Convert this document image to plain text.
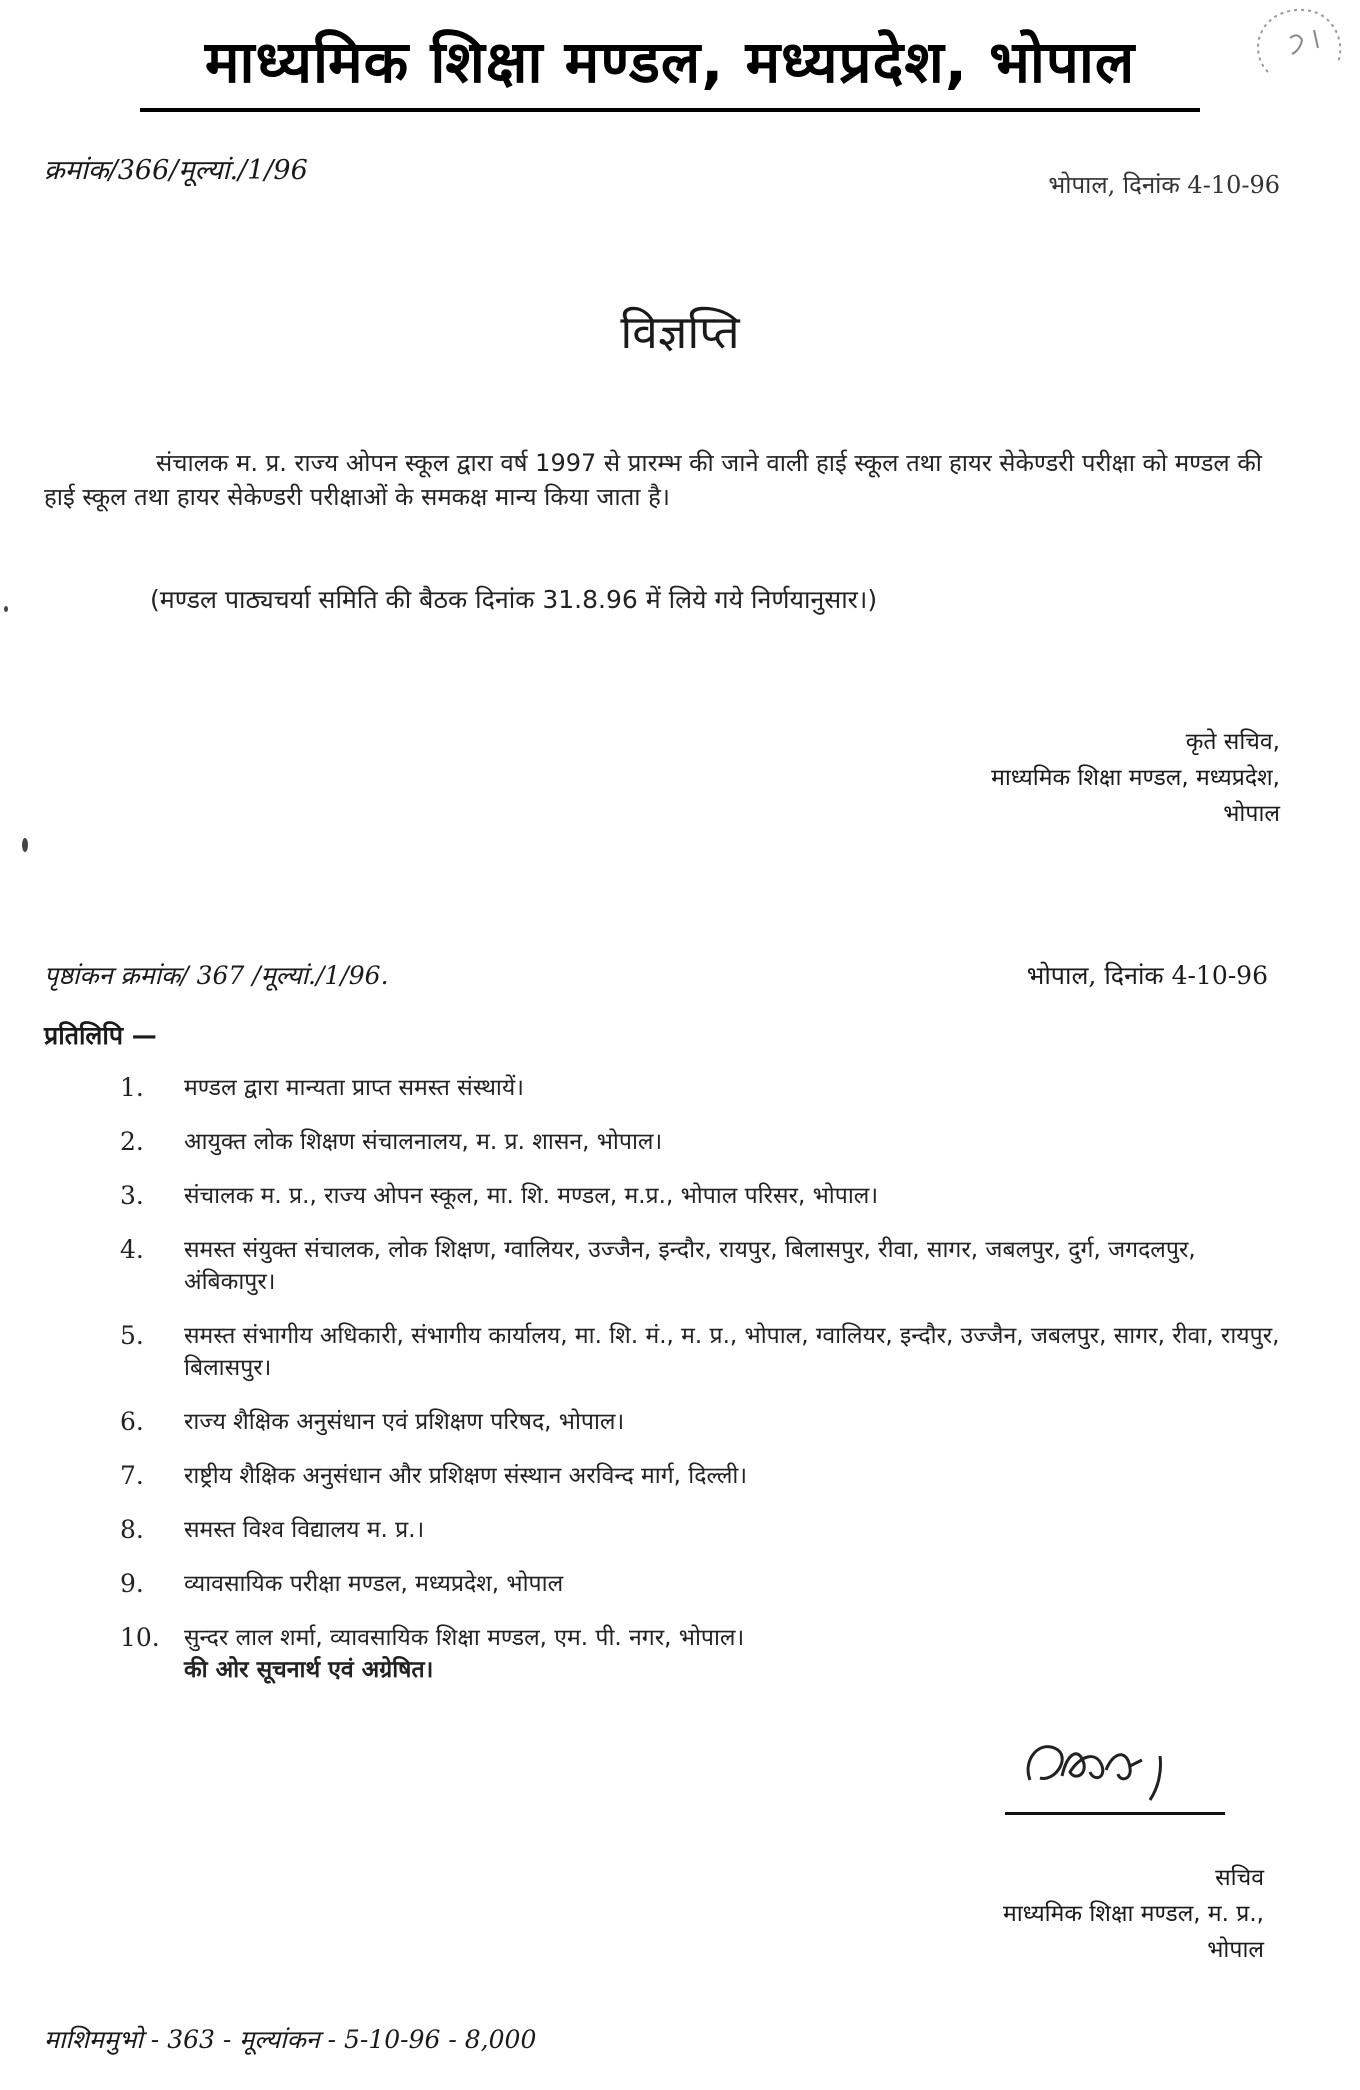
माध्यमिक शिक्षा मण्डल, मध्यप्रदेश, भोपाल
क्रमांक/366/मूल्यां./1/96	भोपाल, दिनांक 4-10-96
विज्ञप्ति
संचालक म. प्र. राज्य ओपन स्कूल द्वारा वर्ष 1997 से प्रारम्भ की जाने वाली हाई स्कूल तथा हायर सेकेण्डरी परीक्षा को मण्डल की हाई स्कूल तथा हायर सेकेण्डरी परीक्षाओं के समकक्ष मान्य किया जाता है।
(मण्डल पाठ्यचर्या समिति की बैठक दिनांक 31.8.96 में लिये गये निर्णयानुसार।)
कृते सचिव,
माध्यमिक शिक्षा मण्डल, मध्यप्रदेश,
भोपाल
पृष्ठांकन क्रमांक/ 367 /मूल्यां./1/96.	भोपाल, दिनांक 4-10-96
प्रतिलिपि —
1. मण्डल द्वारा मान्यता प्राप्त समस्त संस्थायें।
2. आयुक्त लोक शिक्षण संचालनालय, म. प्र. शासन, भोपाल।
3. संचालक म. प्र., राज्य ओपन स्कूल, मा. शि. मण्डल, म.प्र., भोपाल परिसर, भोपाल।
4. समस्त संयुक्त संचालक, लोक शिक्षण, ग्वालियर, उज्जैन, इन्दौर, रायपुर, बिलासपुर, रीवा, सागर, जबलपुर, दुर्ग, जगदलपुर, अंबिकापुर।
5. समस्त संभागीय अधिकारी, संभागीय कार्यालय, मा. शि. मं., म. प्र., भोपाल, ग्वालियर, इन्दौर, उज्जैन, जबलपुर, सागर, रीवा, रायपुर, बिलासपुर।
6. राज्य शैक्षिक अनुसंधान एवं प्रशिक्षण परिषद, भोपाल।
7. राष्ट्रीय शैक्षिक अनुसंधान और प्रशिक्षण संस्थान अरविन्द मार्ग, दिल्ली।
8. समस्त विश्व विद्यालय म. प्र.।
9. व्यावसायिक परीक्षा मण्डल, मध्यप्रदेश, भोपाल
10. सुन्दर लाल शर्मा, व्यावसायिक शिक्षा मण्डल, एम. पी. नगर, भोपाल।
की ओर सूचनार्थ एवं अग्रेषित।
सचिव
माध्यमिक शिक्षा मण्डल, म. प्र.,
भोपाल
माशिममुभो - 363 - मूल्यांकन - 5-10-96 - 8,000
